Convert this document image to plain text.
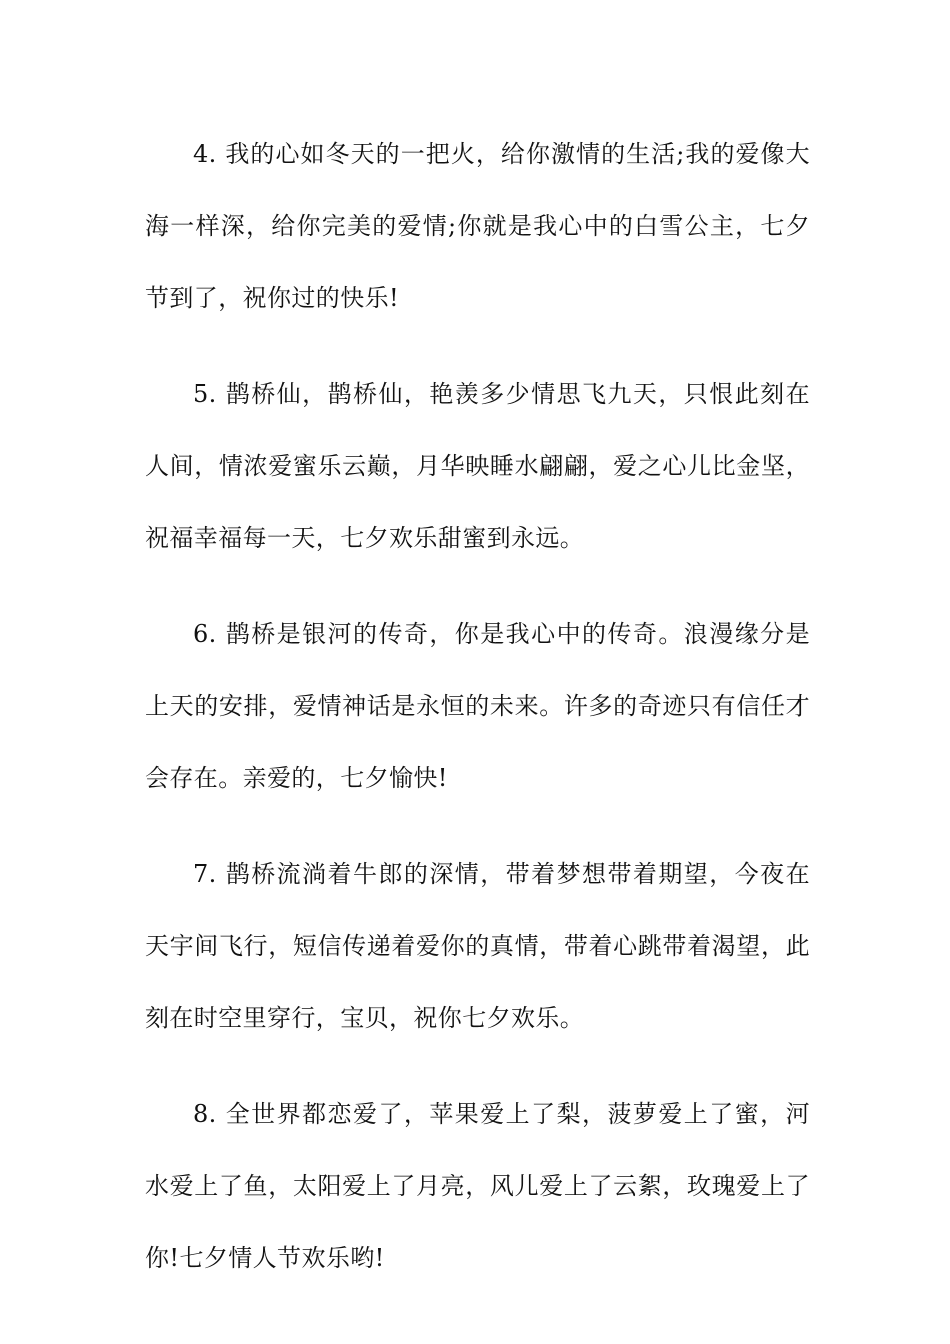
4. 我的心如冬天的一把火，给你激情的生活;我的爱像大海一样深，给你完美的爱情;你就是我心中的白雪公主，七夕节到了，祝你过的快乐!

5. 鹊桥仙，鹊桥仙，艳羡多少情思飞九天，只恨此刻在人间，情浓爱蜜乐云巅，月华映睡水翩翩，爱之心儿比金坚，祝福幸福每一天，七夕欢乐甜蜜到永远。

6. 鹊桥是银河的传奇，你是我心中的传奇。浪漫缘分是上天的安排，爱情神话是永恒的未来。许多的奇迹只有信任才会存在。亲爱的，七夕愉快!

7. 鹊桥流淌着牛郎的深情，带着梦想带着期望，今夜在天宇间飞行，短信传递着爱你的真情，带着心跳带着渴望，此刻在时空里穿行，宝贝，祝你七夕欢乐。

8. 全世界都恋爱了，苹果爱上了梨，菠萝爱上了蜜，河水爱上了鱼，太阳爱上了月亮，风儿爱上了云絮，玫瑰爱上了你!七夕情人节欢乐哟!
